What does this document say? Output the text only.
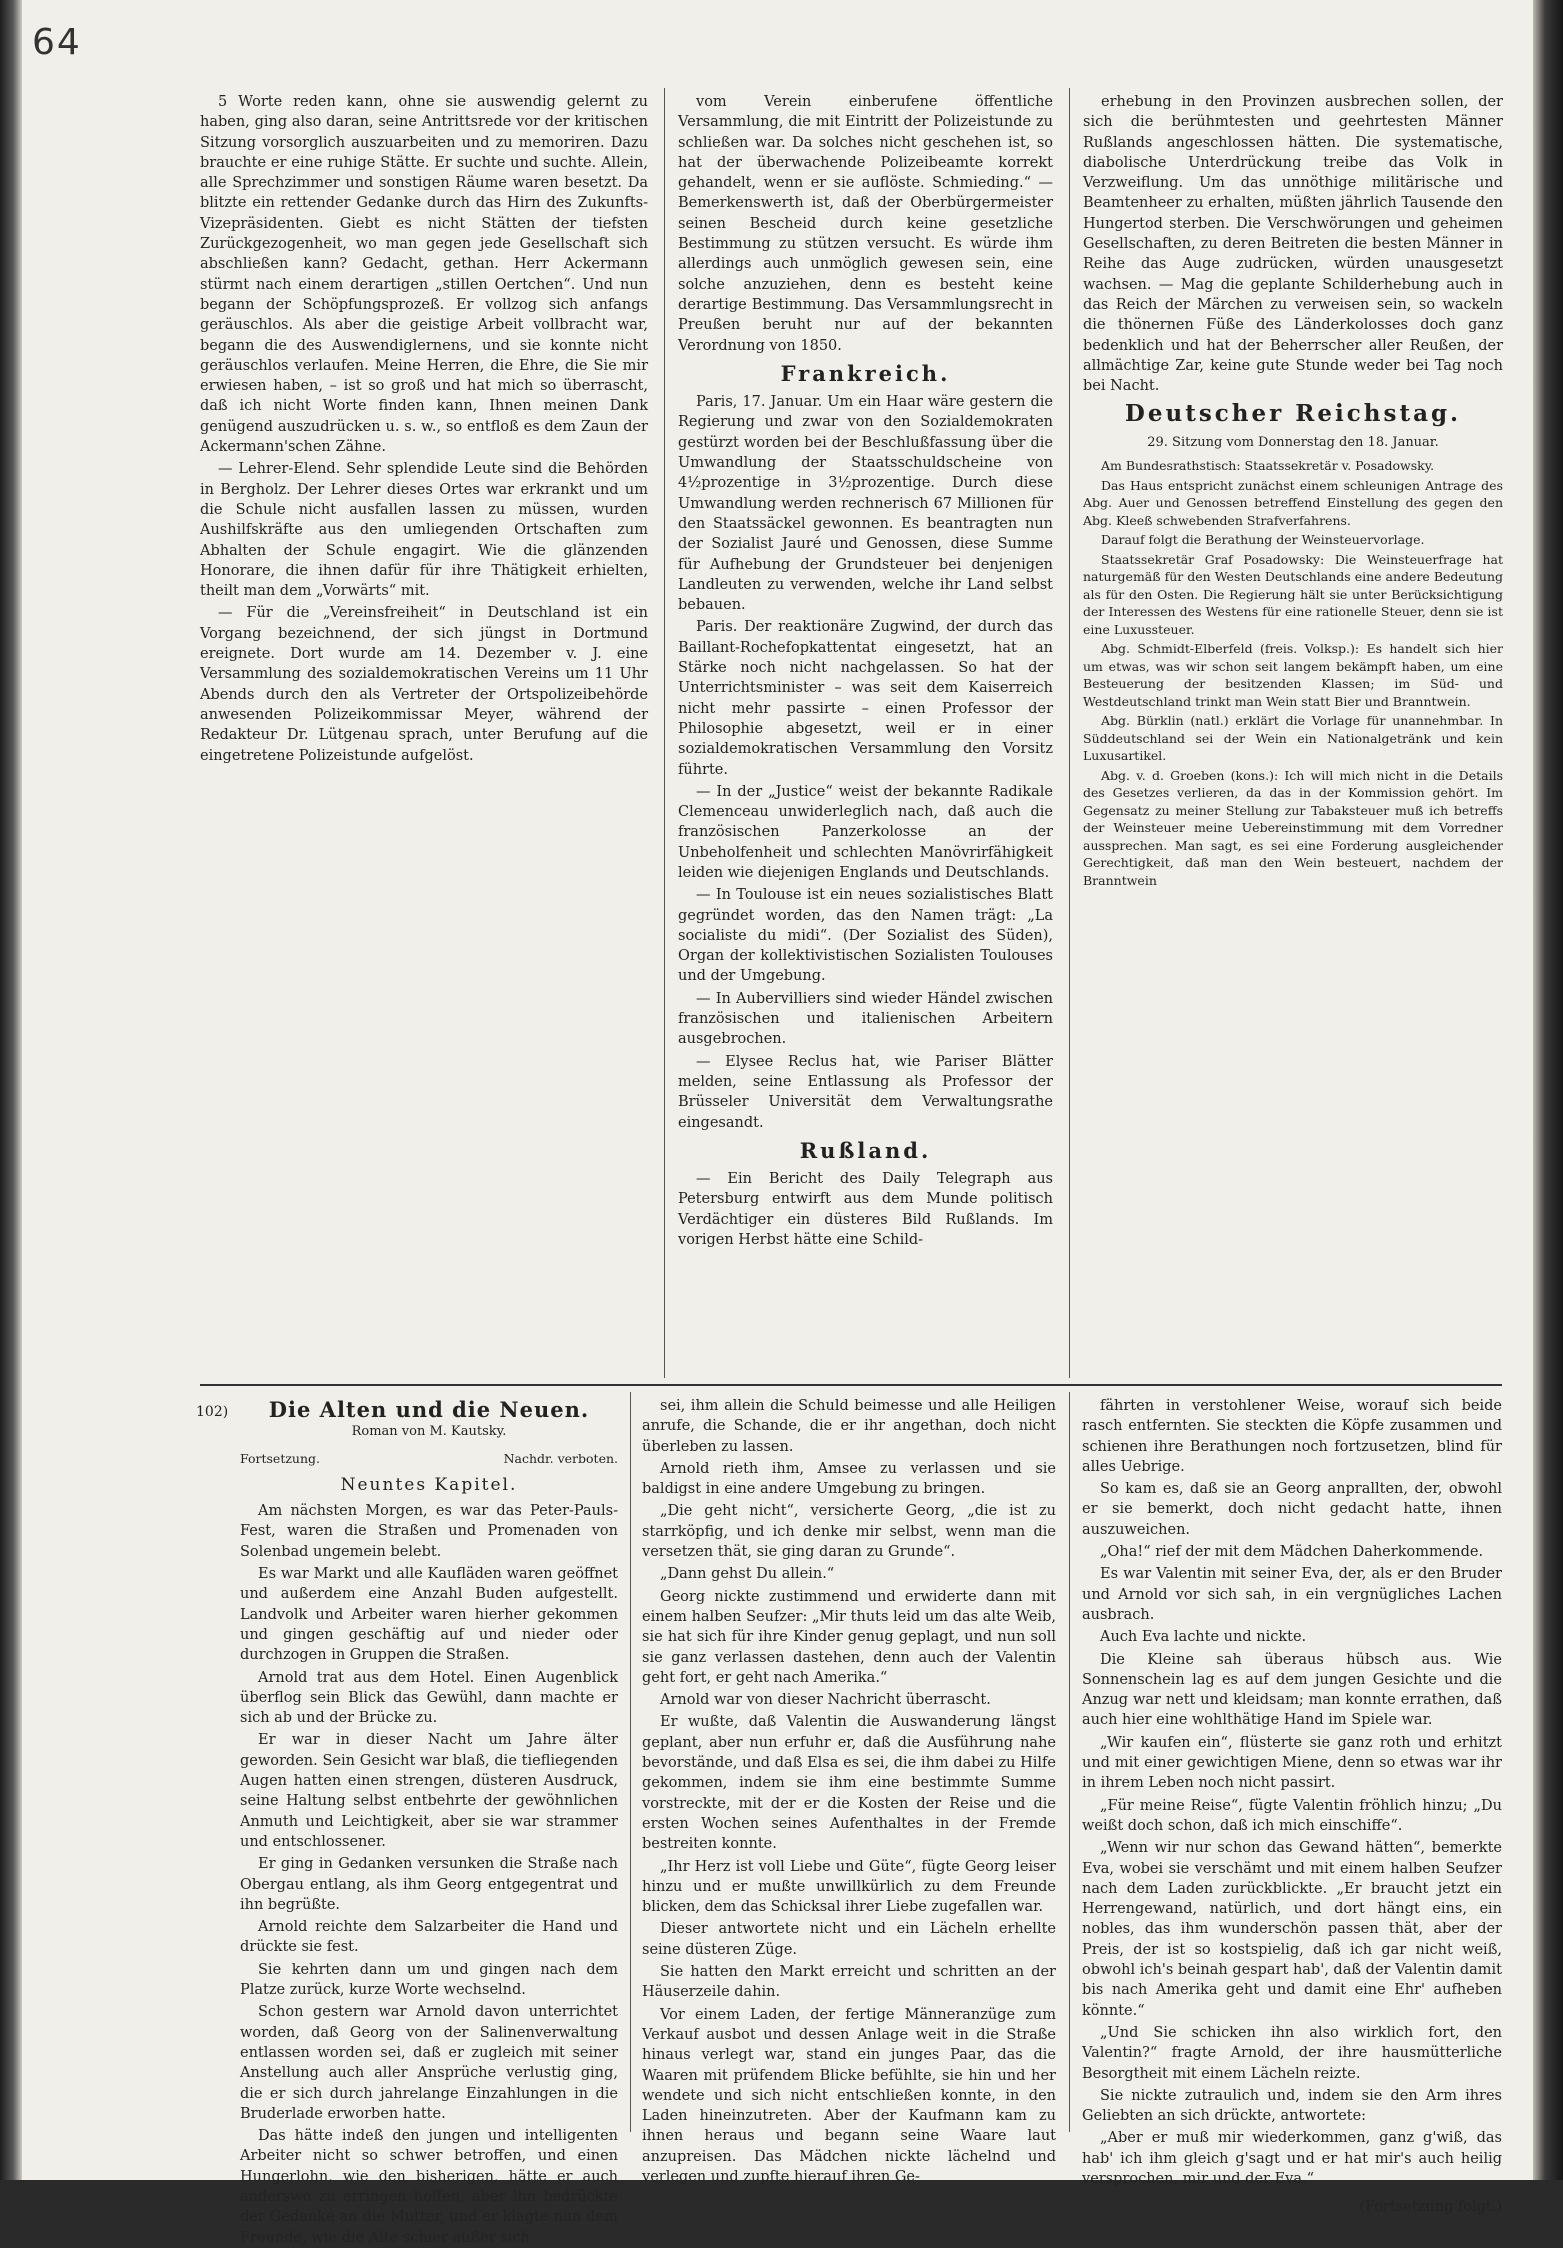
64

5 Worte reden kann, ohne sie auswendig gelernt zu haben, ging also daran, seine Antrittsrede vor der kritischen Sitzung vorsorglich auszuarbeiten und zu memoriren. Dazu brauchte er eine ruhige Stätte. Er suchte und suchte. Allein, alle Sprechzimmer und sonstigen Räume waren besetzt. Da blitzte ein rettender Gedanke durch das Hirn des Zukunfts-Vizepräsidenten. Giebt es nicht Stätten der tiefsten Zurückgezogenheit, wo man gegen jede Gesellschaft sich abschließen kann? Gedacht, gethan. Herr Ackermann stürmt nach einem derartigen „stillen Oertchen“. Und nun begann der Schöpfungsprozeß. Er vollzog sich anfangs geräuschlos. Als aber die geistige Arbeit vollbracht war, begann die des Auswendiglernens, und sie konnte nicht geräuschlos verlaufen. Meine Herren, die Ehre, die Sie mir erwiesen haben, – ist so groß und hat mich so überrascht, daß ich nicht Worte finden kann, Ihnen meinen Dank genügend auszudrücken u. s. w., so entfloß es dem Zaun der Ackermann'schen Zähne.

— Lehrer-Elend. Sehr splendide Leute sind die Behörden in Bergholz. Der Lehrer dieses Ortes war erkrankt und um die Schule nicht ausfallen lassen zu müssen, wurden Aushilfskräfte aus den umliegenden Ortschaften zum Abhalten der Schule engagirt. Wie die glänzenden Honorare, die ihnen dafür für ihre Thätigkeit erhielten, theilt man dem „Vorwärts“ mit.

— Für die „Vereinsfreiheit“ in Deutschland ist ein Vorgang bezeichnend, der sich jüngst in Dortmund ereignete. Dort wurde am 14. Dezember v. J. eine Versammlung des sozialdemokratischen Vereins um 11 Uhr Abends durch den als Vertreter der Ortspolizeibehörde anwesenden Polizeikommissar Meyer, während der Redakteur Dr. Lütgenau sprach, unter Berufung auf die eingetretene Polizeistunde aufgelöst.

vom Verein einberufene öffentliche Versammlung, die mit Eintritt der Polizeistunde zu schließen war. Da solches nicht geschehen ist, so hat der überwachende Polizeibeamte korrekt gehandelt, wenn er sie auflöste. Schmieding.“ — Bemerkenswerth ist, daß der Oberbürgermeister seinen Bescheid durch keine gesetzliche Bestimmung zu stützen versucht. Es würde ihm allerdings auch unmöglich gewesen sein, eine solche anzuziehen, denn es besteht keine derartige Bestimmung. Das Versammlungsrecht in Preußen beruht nur auf der bekannten Verordnung von 1850.

Frankreich.

Paris, 17. Januar. Um ein Haar wäre gestern die Regierung und zwar von den Sozialdemokraten gestürzt worden bei der Beschlußfassung über die Umwandlung der Staatsschuldscheine von 4½prozentige in 3½prozentige. Durch diese Umwandlung werden rechnerisch 67 Millionen für den Staatssäckel gewonnen. Es beantragten nun der Sozialist Jauré und Genossen, diese Summe für Aufhebung der Grundsteuer bei denjenigen Landleuten zu verwenden, welche ihr Land selbst bebauen.

Paris. Der reaktionäre Zugwind, der durch das Baillant-Rochefopkattentat eingesetzt, hat an Stärke noch nicht nachgelassen. So hat der Unterrichtsminister – was seit dem Kaiserreich nicht mehr passirte – einen Professor der Philosophie abgesetzt, weil er in einer sozialdemokratischen Versammlung den Vorsitz führte.

— In der „Justice“ weist der bekannte Radikale Clemenceau unwiderleglich nach, daß auch die französischen Panzerkolosse an der Unbeholfenheit und schlechten Manövrirfähigkeit leiden wie diejenigen Englands und Deutschlands.

— In Toulouse ist ein neues sozialistisches Blatt gegründet worden, das den Namen trägt: „La socialiste du midi“. (Der Sozialist des Süden), Organ der kollektivistischen Sozialisten Toulouses und der Umgebung.

— In Aubervilliers sind wieder Händel zwischen französischen und italienischen Arbeitern ausgebrochen.

— Elysee Reclus hat, wie Pariser Blätter melden, seine Entlassung als Professor der Brüsseler Universität dem Verwaltungsrathe eingesandt.

Rußland.

— Ein Bericht des Daily Telegraph aus Petersburg entwirft aus dem Munde politisch Verdächtiger ein düsteres Bild Rußlands. Im vorigen Herbst hätte eine Schild-

erhebung in den Provinzen ausbrechen sollen, der sich die berühmtesten und geehrtesten Männer Rußlands angeschlossen hätten. Die systematische, diabolische Unterdrückung treibe das Volk in Verzweiflung. Um das unnöthige militärische und Beamtenheer zu erhalten, müßten jährlich Tausende den Hungertod sterben. Die Verschwörungen und geheimen Gesellschaften, zu deren Beitreten die besten Männer in Reihe das Auge zudrücken, würden unausgesetzt wachsen. — Mag die geplante Schilderhebung auch in das Reich der Märchen zu verweisen sein, so wackeln die thönernen Füße des Länderkolosses doch ganz bedenklich und hat der Beherrscher aller Reußen, der allmächtige Zar, keine gute Stunde weder bei Tag noch bei Nacht.

Deutscher Reichstag.
29. Sitzung vom Donnerstag den 18. Januar.

Am Bundesrathstisch: Staatssekretär v. Posadowsky.

Das Haus entspricht zunächst einem schleunigen Antrage des Abg. Auer und Genossen betreffend Einstellung des gegen den Abg. Kleeß schwebenden Strafverfahrens.

Darauf folgt die Berathung der Weinsteuervorlage.

Staatssekretär Graf Posadowsky: Die Weinsteuerfrage hat naturgemäß für den Westen Deutschlands eine andere Bedeutung als für den Osten. Die Regierung hält sie unter Berücksichtigung der Interessen des Westens für eine rationelle Steuer, denn sie ist eine Luxussteuer.

Abg. Schmidt-Elberfeld (freis. Volksp.): Es handelt sich hier um etwas, was wir schon seit langem bekämpft haben, um eine Besteuerung der besitzenden Klassen; im Süd- und Westdeutschland trinkt man Wein statt Bier und Branntwein.

Abg. Bürklin (natl.) erklärt die Vorlage für unannehmbar. In Süddeutschland sei der Wein ein Nationalgetränk und kein Luxusartikel.

Abg. v. d. Groeben (kons.): Ich will mich nicht in die Details des Gesetzes verlieren, da das in der Kommission gehört. Im Gegensatz zu meiner Stellung zur Tabaksteuer muß ich betreffs der Weinsteuer meine Uebereinstimmung mit dem Vorredner aussprechen. Man sagt, es sei eine Forderung ausgleichender Gerechtigkeit, daß man den Wein besteuert, nachdem der Branntwein

102)	Die Alten und die Neuen.
Roman von M. Kautsky.
Fortsetzung.	Nachdr. verboten.
Neuntes Kapitel.

Am nächsten Morgen, es war das Peter-Pauls-Fest, waren die Straßen und Promenaden von Solenbad ungemein belebt.

Es war Markt und alle Kaufläden waren geöffnet und außerdem eine Anzahl Buden aufgestellt. Landvolk und Arbeiter waren hierher gekommen und gingen geschäftig auf und nieder oder durchzogen in Gruppen die Straßen.

Arnold trat aus dem Hotel. Einen Augenblick überflog sein Blick das Gewühl, dann machte er sich ab und der Brücke zu.

Er war in dieser Nacht um Jahre älter geworden. Sein Gesicht war blaß, die tiefliegenden Augen hatten einen strengen, düsteren Ausdruck, seine Haltung selbst entbehrte der gewöhnlichen Anmuth und Leichtigkeit, aber sie war strammer und entschlossener.

Er ging in Gedanken versunken die Straße nach Obergau entlang, als ihm Georg entgegentrat und ihn begrüßte.

Arnold reichte dem Salzarbeiter die Hand und drückte sie fest.

Sie kehrten dann um und gingen nach dem Platze zurück, kurze Worte wechselnd.

Schon gestern war Arnold davon unterrichtet worden, daß Georg von der Salinenverwaltung entlassen worden sei, daß er zugleich mit seiner Anstellung auch aller Ansprüche verlustig ging, die er sich durch jahrelange Einzahlungen in die Bruderlade erworben hatte.

Das hätte indeß den jungen und intelligenten Arbeiter nicht so schwer betroffen, und einen Hungerlohn, wie den bisherigen, hätte er auch anderswo zu erringen hoffen, aber ihn bedrückte der Gedanke an die Mutter, und er klagte nun dem Freunde, wie die Alte schier außer sich

sei, ihm allein die Schuld beimesse und alle Heiligen anrufe, die Schande, die er ihr angethan, doch nicht überleben zu lassen.

Arnold rieth ihm, Amsee zu verlassen und sie baldigst in eine andere Umgebung zu bringen.

„Die geht nicht“, versicherte Georg, „die ist zu starrköpfig, und ich denke mir selbst, wenn man die versetzen thät, sie ging daran zu Grunde“.

„Dann gehst Du allein.“

Georg nickte zustimmend und erwiderte dann mit einem halben Seufzer: „Mir thuts leid um das alte Weib, sie hat sich für ihre Kinder genug geplagt, und nun soll sie ganz verlassen dastehen, denn auch der Valentin geht fort, er geht nach Amerika.“

Arnold war von dieser Nachricht überrascht.

Er wußte, daß Valentin die Auswanderung längst geplant, aber nun erfuhr er, daß die Ausführung nahe bevorstände, und daß Elsa es sei, die ihm dabei zu Hilfe gekommen, indem sie ihm eine bestimmte Summe vorstreckte, mit der er die Kosten der Reise und die ersten Wochen seines Aufenthaltes in der Fremde bestreiten konnte.

„Ihr Herz ist voll Liebe und Güte“, fügte Georg leiser hinzu und er mußte unwillkürlich zu dem Freunde blicken, dem das Schicksal ihrer Liebe zugefallen war.

Dieser antwortete nicht und ein Lächeln erhellte seine düsteren Züge.

Sie hatten den Markt erreicht und schritten an der Häuserzeile dahin.

Vor einem Laden, der fertige Männeranzüge zum Verkauf ausbot und dessen Anlage weit in die Straße hinaus verlegt war, stand ein junges Paar, das die Waaren mit prüfendem Blicke befühlte, sie hin und her wendete und sich nicht entschließen konnte, in den Laden hineinzutreten. Aber der Kaufmann kam zu ihnen heraus und begann seine Waare laut anzupreisen. Das Mädchen nickte lächelnd und verlegen und zupfte hierauf ihren Ge-

fährten in verstohlener Weise, worauf sich beide rasch entfernten. Sie steckten die Köpfe zusammen und schienen ihre Berathungen noch fortzusetzen, blind für alles Uebrige.

So kam es, daß sie an Georg anprallten, der, obwohl er sie bemerkt, doch nicht gedacht hatte, ihnen auszuweichen.

„Oha!“ rief der mit dem Mädchen Daherkommende.

Es war Valentin mit seiner Eva, der, als er den Bruder und Arnold vor sich sah, in ein vergnügliches Lachen ausbrach.

Auch Eva lachte und nickte.

Die Kleine sah überaus hübsch aus. Wie Sonnenschein lag es auf dem jungen Gesichte und die Anzug war nett und kleidsam; man konnte errathen, daß auch hier eine wohlthätige Hand im Spiele war.

„Wir kaufen ein“, flüsterte sie ganz roth und erhitzt und mit einer gewichtigen Miene, denn so etwas war ihr in ihrem Leben noch nicht passirt.

„Für meine Reise“, fügte Valentin fröhlich hinzu; „Du weißt doch schon, daß ich mich einschiffe“.

„Wenn wir nur schon das Gewand hätten“, bemerkte Eva, wobei sie verschämt und mit einem halben Seufzer nach dem Laden zurückblickte. „Er braucht jetzt ein Herrengewand, natürlich, und dort hängt eins, ein nobles, das ihm wunderschön passen thät, aber der Preis, der ist so kostspielig, daß ich gar nicht weiß, obwohl ich's beinah gespart hab', daß der Valentin damit bis nach Amerika geht und damit eine Ehr' aufheben könnte.“

„Und Sie schicken ihn also wirklich fort, den Valentin?“ fragte Arnold, der ihre hausmütterliche Besorgtheit mit einem Lächeln reizte.

Sie nickte zutraulich und, indem sie den Arm ihres Geliebten an sich drückte, antwortete:

„Aber er muß mir wiederkommen, ganz g'wiß, das hab' ich ihm gleich g'sagt und er hat mir's auch heilig versprochen, mir und der Eva.“

(Fortsetzung folgt.)
